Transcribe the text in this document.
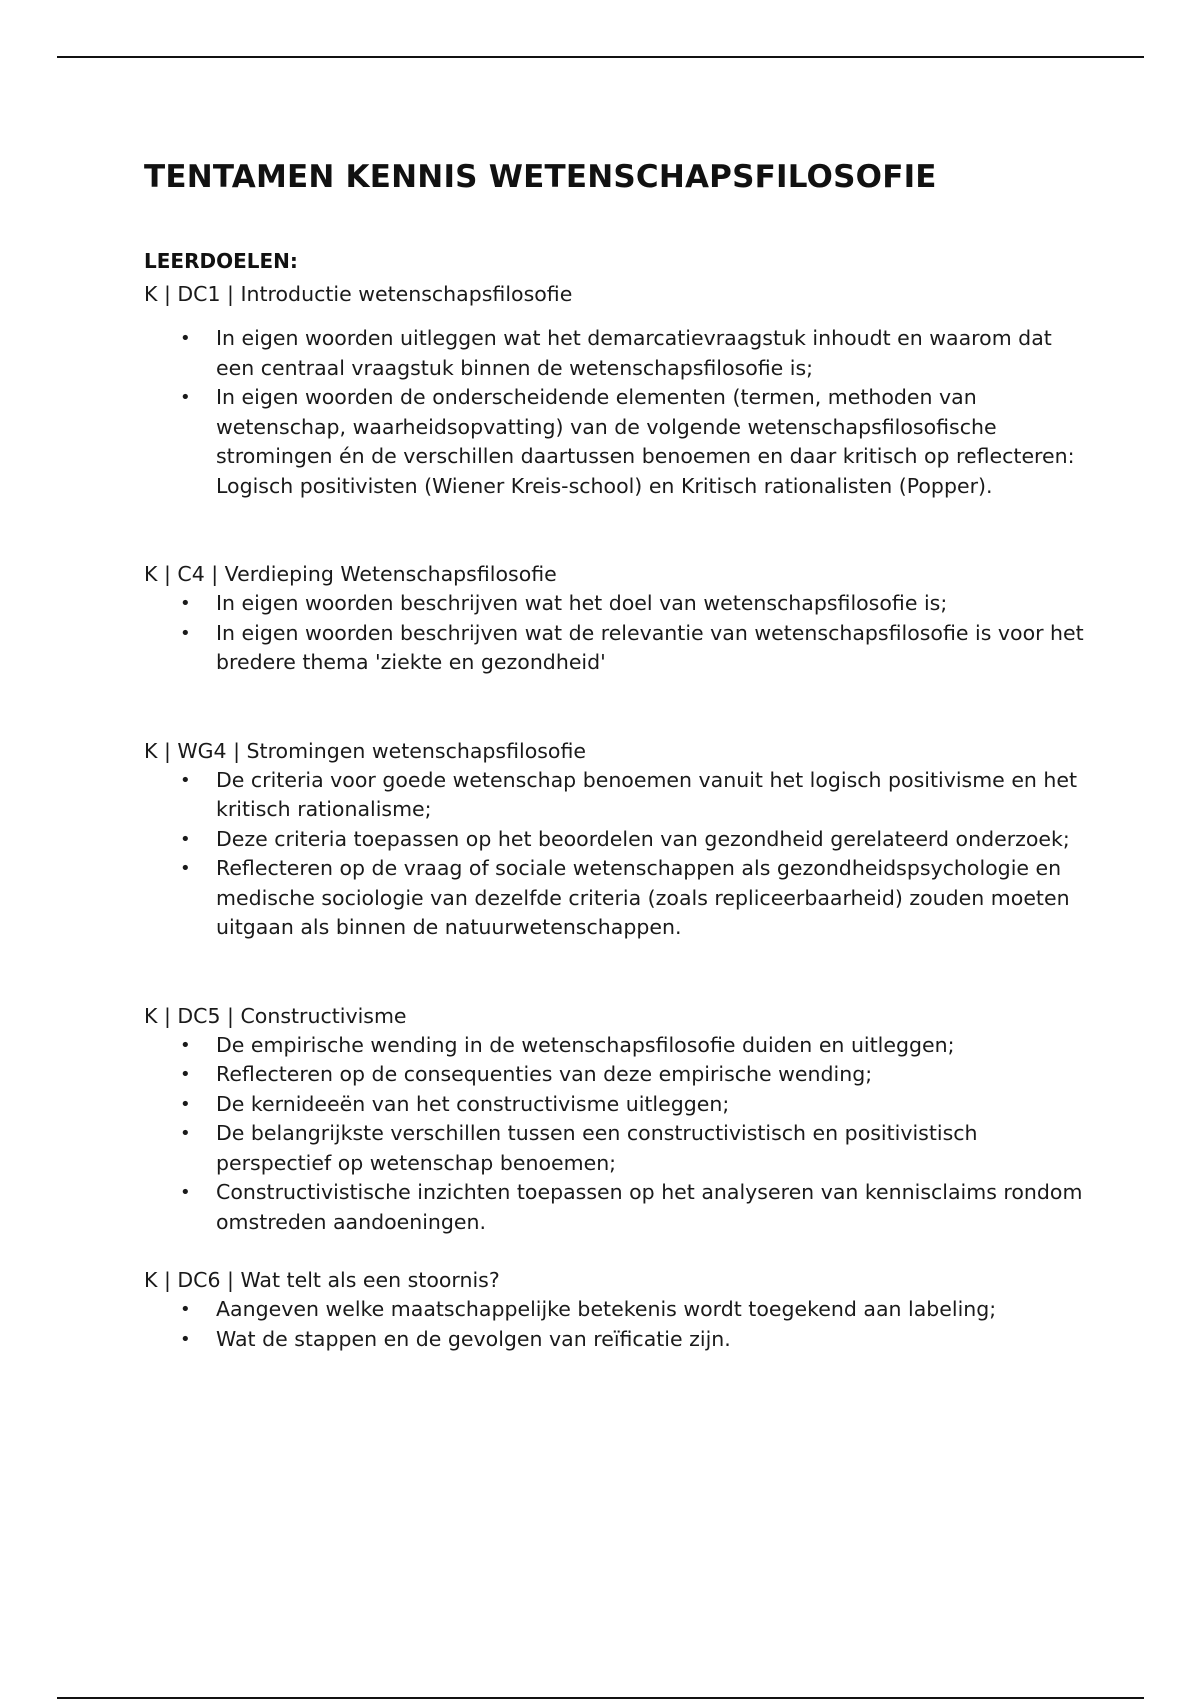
TENTAMEN KENNIS WETENSCHAPSFILOSOFIE

LEERDOELEN:

K | DC1 | Introductie wetenschapsfilosofie

•	In eigen woorden uitleggen wat het demarcatievraagstuk inhoudt en waarom dat een centraal vraagstuk binnen de wetenschapsfilosofie is;
•	In eigen woorden de onderscheidende elementen (termen, methoden van wetenschap, waarheidsopvatting) van de volgende wetenschapsfilosofische stromingen én de verschillen daartussen benoemen en daar kritisch op reflecteren: Logisch positivisten (Wiener Kreis-school) en Kritisch rationalisten (Popper).

K | C4 | Verdieping Wetenschapsfilosofie

•	In eigen woorden beschrijven wat het doel van wetenschapsfilosofie is;
•	In eigen woorden beschrijven wat de relevantie van wetenschapsfilosofie is voor het bredere thema 'ziekte en gezondheid'

K | WG4 | Stromingen wetenschapsfilosofie

•	De criteria voor goede wetenschap benoemen vanuit het logisch positivisme en het kritisch rationalisme;
•	Deze criteria toepassen op het beoordelen van gezondheid gerelateerd onderzoek;
•	Reflecteren op de vraag of sociale wetenschappen als gezondheidspsychologie en medische sociologie van dezelfde criteria (zoals repliceerbaarheid) zouden moeten uitgaan als binnen de natuurwetenschappen.

K | DC5 | Constructivisme

•	De empirische wending in de wetenschapsfilosofie duiden en uitleggen;
•	Reflecteren op de consequenties van deze empirische wending;
•	De kernideeën van het constructivisme uitleggen;
•	De belangrijkste verschillen tussen een constructivistisch en positivistisch perspectief op wetenschap benoemen;
•	Constructivistische inzichten toepassen op het analyseren van kennisclaims rondom omstreden aandoeningen.

K | DC6 | Wat telt als een stoornis?

•	Aangeven welke maatschappelijke betekenis wordt toegekend aan labeling;
•	Wat de stappen en de gevolgen van reïficatie zijn.
